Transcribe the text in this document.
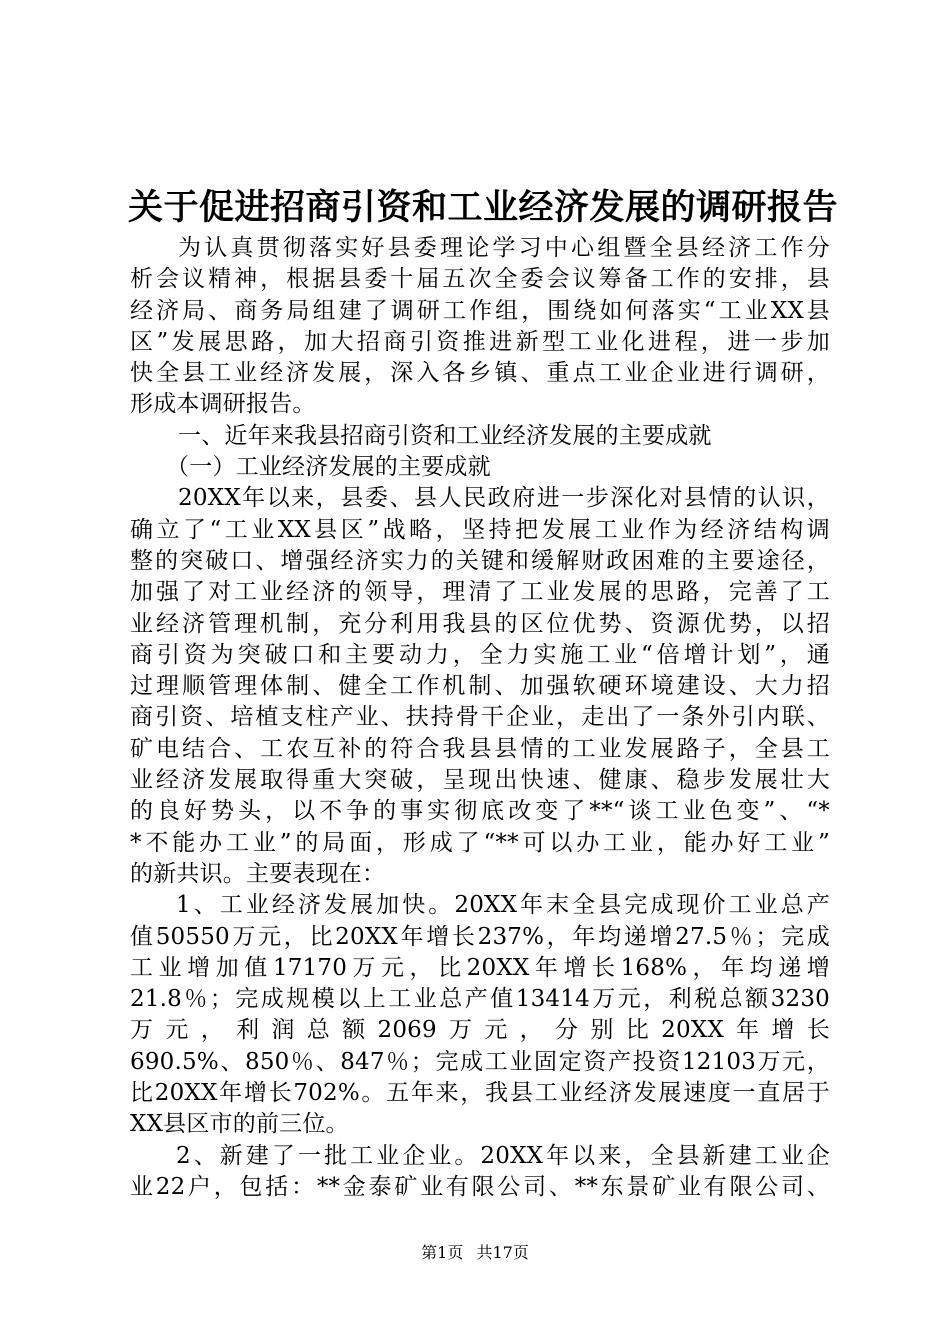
关于促进招商引资和工业经济发展的调研报告
为认真贯彻落实好县委理论学习中心组暨全县经济工作分
析会议精神，根据县委十届五次全委会议筹备工作的安排，县
经济局、商务局组建了调研工作组，围绕如何落实“工业XX县
区”发展思路，加大招商引资推进新型工业化进程，进一步加
快全县工业经济发展，深入各乡镇、重点工业企业进行调研，
形成本调研报告。
一、近年来我县招商引资和工业经济发展的主要成就
（一）工业经济发展的主要成就
20XX年以来，县委、县人民政府进一步深化对县情的认识，
确立了“工业XX县区”战略，坚持把发展工业作为经济结构调
整的突破口、增强经济实力的关键和缓解财政困难的主要途径，
加强了对工业经济的领导，理清了工业发展的思路，完善了工
业经济管理机制，充分利用我县的区位优势、资源优势，以招
商引资为突破口和主要动力，全力实施工业“倍增计划”，通
过理顺管理体制、健全工作机制、加强软硬环境建设、大力招
商引资、培植支柱产业、扶持骨干企业，走出了一条外引内联、
矿电结合、工农互补的符合我县县情的工业发展路子，全县工
业经济发展取得重大突破，呈现出快速、健康、稳步发展壮大
的良好势头，以不争的事实彻底改变了**“谈工业色变”、“*
*不能办工业”的局面，形成了“**可以办工业，能办好工业”
的新共识。主要表现在：
1、工业经济发展加快。20XX年末全县完成现价工业总产
值50550万元，比20XX年增长237%，年均递增27.5％；完成
工业增加值17170万元，比20XX年增长168%，年均递增
21.8％；完成规模以上工业总产值13414万元，利税总额3230
万元，利润总额2069万元，分别比20XX年增长
690.5%、850％、847％；完成工业固定资产投资12103万元，
比20XX年增长702%。五年来，我县工业经济发展速度一直居于
XX县区市的前三位。
2、新建了一批工业企业。20XX年以来，全县新建工业企
业22户，包括：**金泰矿业有限公司、**东景矿业有限公司、
第1页 共17页
